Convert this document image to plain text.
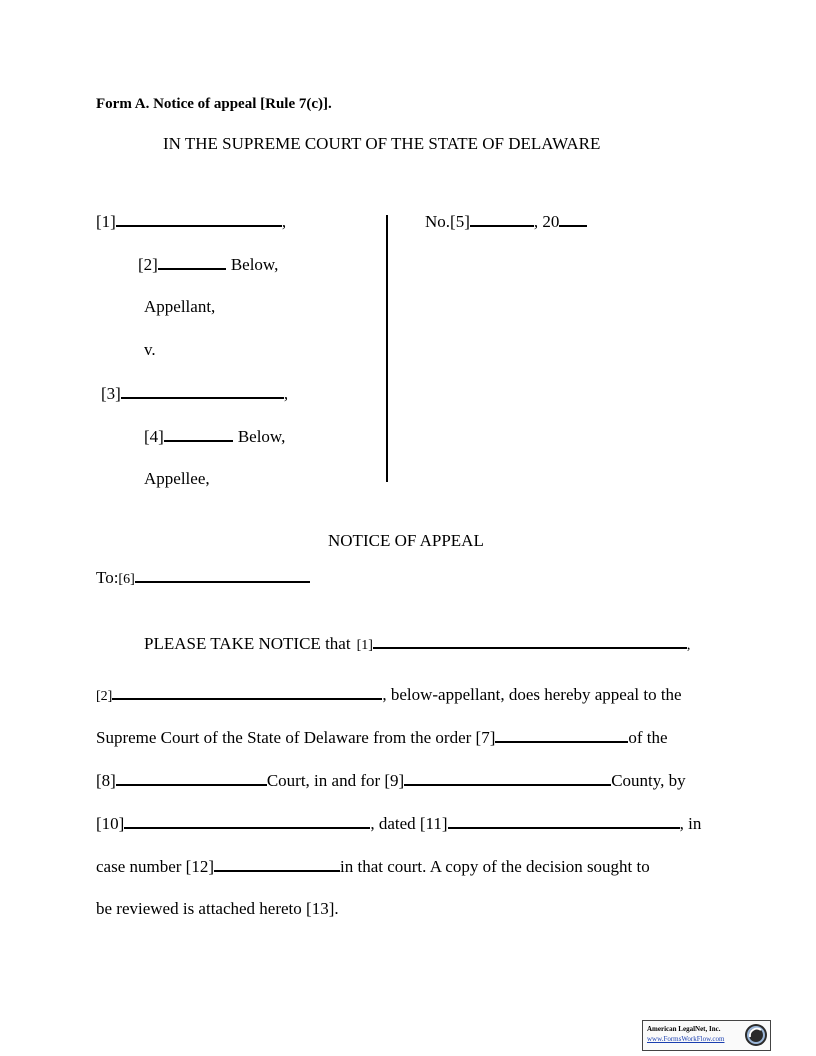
Form A. Notice of appeal [Rule 7(c)].
IN THE SUPREME COURT OF THE STATE OF DELAWARE
[1]	,
[2]	Below,
Appellant,
v.
[3]	,
[4]	Below,
Appellee,
No.[5]	, 20
NOTICE OF APPEAL
To: [6]
PLEASE TAKE NOTICE that [1]	,
[2]	, below-appellant, does hereby appeal to the
Supreme Court of the State of Delaware from the order [7]	of the
[8]	Court, in and for [9]	County, by
[10]	, dated [11]	, in
case number [12]	in that court. A copy of the decision sought to
be reviewed is attached hereto [13].
American LegalNet, Inc.
www.FormsWorkFlow.com
